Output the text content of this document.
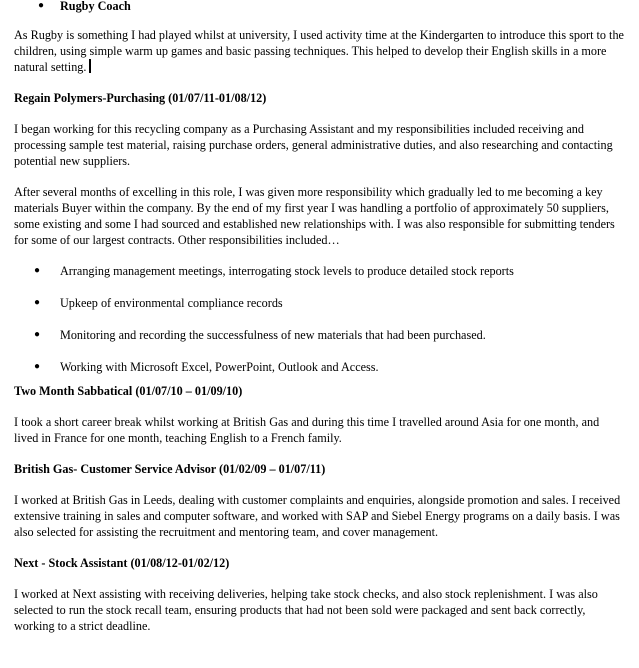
●	Rugby Coach

As Rugby is something I had played whilst at university, I used activity time at the Kindergarten to introduce this sport to the children, using simple warm up games and basic passing techniques. This helped to develop their English skills in a more natural setting.

Regain Polymers-Purchasing (01/07/11-01/08/12)

I began working for this recycling company as a Purchasing Assistant and my responsibilities included receiving and processing sample test material, raising purchase orders, general administrative duties, and also researching and contacting potential new suppliers.

After several months of excelling in this role, I was given more responsibility which gradually led to me becoming a key materials Buyer within the company. By the end of my first year I was handling a portfolio of approximately 50 suppliers, some existing and some I had sourced and established new relationships with. I was also responsible for submitting tenders for some of our largest contracts. Other responsibilities included…

●	Arranging management meetings, interrogating stock levels to produce detailed stock reports
●	Upkeep of environmental compliance records
●	Monitoring and recording the successfulness of new materials that had been purchased.
●	Working with Microsoft Excel, PowerPoint, Outlook and Access.

Two Month Sabbatical (01/07/10 – 01/09/10)

I took a short career break whilst working at British Gas and during this time I travelled around Asia for one month, and lived in France for one month, teaching English to a French family.

British Gas- Customer Service Advisor (01/02/09 – 01/07/11)

I worked at British Gas in Leeds, dealing with customer complaints and enquiries, alongside promotion and sales. I received extensive training in sales and computer software, and worked with SAP and Siebel Energy programs on a daily basis. I was also selected for assisting the recruitment and mentoring team, and cover management.

Next - Stock Assistant (01/08/12-01/02/12)

I worked at Next assisting with receiving deliveries, helping take stock checks, and also stock replenishment. I was also selected to run the stock recall team, ensuring products that had not been sold were packaged and sent back correctly, working to a strict deadline.
